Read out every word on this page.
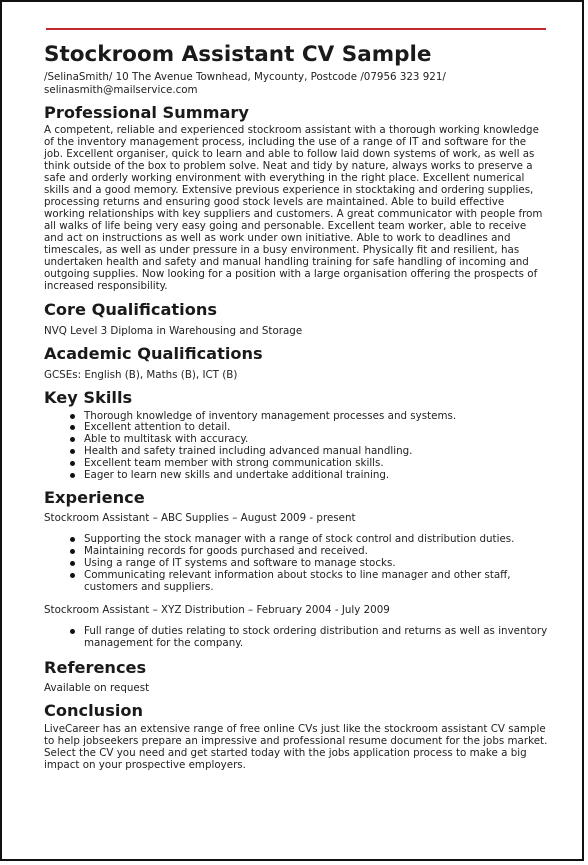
Stockroom Assistant CV Sample
/SelinaSmith/ 10 The Avenue Townhead, Mycounty, Postcode /07956 323 921/
selinasmith@mailservice.com
Professional Summary

A competent, reliable and experienced stockroom assistant with a thorough working knowledge of the inventory management process, including the use of a range of IT and software for the job. Excellent organiser, quick to learn and able to follow laid down systems of work, as well as think outside of the box to problem solve. Neat and tidy by nature, always works to preserve a safe and orderly working environment with everything in the right place. Excellent numerical skills and a good memory. Extensive previous experience in stocktaking and ordering supplies, processing returns and ensuring good stock levels are maintained. Able to build effective working relationships with key suppliers and customers. A great communicator with people from all walks of life being very easy going and personable. Excellent team worker, able to receive and act on instructions as well as work under own initiative. Able to work to deadlines and timescales, as well as under pressure in a busy environment. Physically fit and resilient, has undertaken health and safety and manual handling training for safe handling of incoming and outgoing supplies. Now looking for a position with a large organisation offering the prospects of increased responsibility.

Core Qualifications

NVQ Level 3 Diploma in Warehousing and Storage

Academic Qualifications

GCSEs: English (B), Maths (B), ICT (B)

Key Skills
Thorough knowledge of inventory management processes and systems.
Excellent attention to detail.
Able to multitask with accuracy.
Health and safety trained including advanced manual handling.
Excellent team member with strong communication skills.
Eager to learn new skills and undertake additional training.
Experience

Stockroom Assistant – ABC Supplies – August 2009 - present

Supporting the stock manager with a range of stock control and distribution duties.
Maintaining records for goods purchased and received.
Using a range of IT systems and software to manage stocks.
Communicating relevant information about stocks to line manager and other staff, customers and suppliers.

Stockroom Assistant – XYZ Distribution – February 2004 - July 2009

Full range of duties relating to stock ordering distribution and returns as well as inventory management for the company.
References

Available on request

Conclusion

LiveCareer has an extensive range of free online CVs just like the stockroom assistant CV sample to help jobseekers prepare an impressive and professional resume document for the jobs market. Select the CV you need and get started today with the jobs application process to make a big impact on your prospective employers.
